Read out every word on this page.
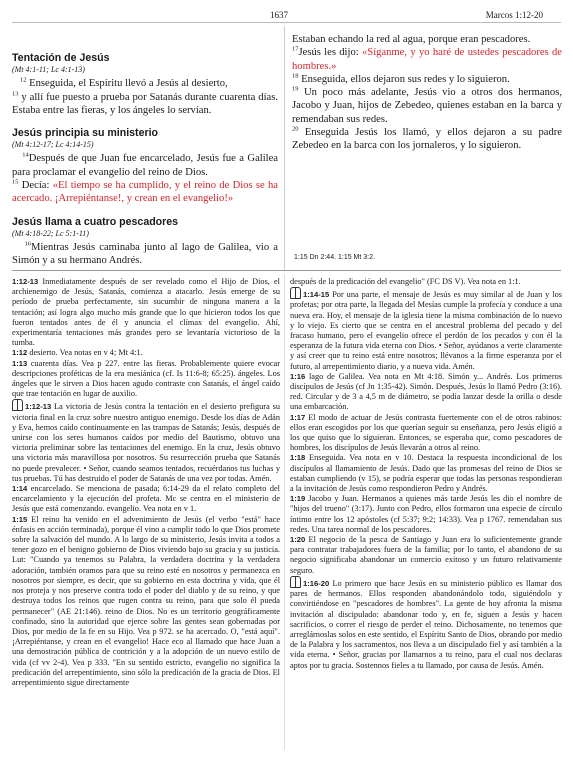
1637	Marcos 1:12-20

Tentación de Jesús

(Mt 4:1-11; Lc 4:1-13)

$^{12}$ Enseguida, el Espíritu llevó a Jesús al desierto,

$^{13}$ y allí fue puesto a prueba por Satanás durante cuarenta días. Estaba entre las fieras, y los ángeles lo servían.

Jesús principia su ministerio

(Mt 4:12-17; Lc 4:14-15)

$^{14}$Después de que Juan fue encarcelado, Jesús fue a Galilea para proclamar el evangelio del reino de Dios.

$^{15}$ Decía: «El tiempo se ha cumplido, y el reino de Dios se ha acercado. ¡Arrepiéntanse!, y crean en el evangelio!»

Jesús llama a cuatro pescadores

(Mt 4:18-22; Lc 5:1-11)

$^{16}$Mientras Jesús caminaba junto al lago de Galilea, vio a Simón y a su hermano Andrés.

Estaban echando la red al agua, porque eran pescadores.

$^{17}$Jesús les dijo: «Síganme, y yo haré de ustedes pescadores de hombres.»

$^{18}$ Enseguida, ellos dejaron sus redes y lo siguieron.

$^{19}$ Un poco más adelante, Jesús vio a otros dos hermanos, Jacobo y Juan, hijos de Zebedeo, quienes estaban en la barca y remendaban sus redes.

$^{20}$ Enseguida Jesús los llamó, y ellos dejaron a su padre Zebedeo en la barca con los jornaleros, y lo siguieron.

1:15 Dn 2:44. 1:15 Mt 3:2.

1:12-13 Inmediatamente después de ser revelado como el Hijo de Dios, el archienemigo de Jesús, Satanás, comienza a atacarlo. Jesús emerge de su período de prueba perfectamente, sin sucumbir de ninguna manera a la tentación; así logra algo mucho más grande que lo que hicieron todos los que fueron tentados antes de él y anuncia el clímax del evangelio. Ahí, experimentaría tentaciones más grandes pero se levantaría victorioso de la tumba.

1:12 desierto. Vea notas en v 4; Mt 4:1.

1:13 cuarenta días. Vea p 227. entre las fieras. Probablemente quiere evocar descripciones proféticas de la era mesiánica (cf. Is 11:6-8; 65:25). ángeles. Los ángeles que le sirven a Dios hacen agudo contraste con Satanás, el ángel caído que trae tentación en lugar de auxilio.

1:12-13 La victoria de Jesús contra la tentación en el desierto prefigura su victoria final en la cruz sobre nuestro antiguo enemigo. Desde los días de Adán y Eva, hemos caído continuamente en las trampas de Satanás; Jesús, después de unirse con los seres humanos caídos por medio del Bautismo, obtuvo una victoria preliminar sobre las tentaciones del enemigo. En la cruz, Jesús obtuvo una victoria más maravillosa por nosotros. Su resurrección prueba que Satanás no puede prevalecer. • Señor, cuando seamos tentados, recuérdanos tus luchas y tus pruebas. Tú has destruido el poder de Satanás de una vez por todas. Amén.

1:14 encarcelado. Se menciona de pasada; 6:14-29 da el relato completo del encarcelamiento y la ejecución del profeta. Mc se centra en el ministerio de Jesús que está comenzando. evangelio. Vea nota en v 1.

1:15 El reino ha venido en el advenimiento de Jesús (el verbo "está" hace énfasis en acción terminada), porque él vino a cumplir todo lo que Dios promete sobre la salvación del mundo. A lo largo de su ministerio, Jesús invita a todos a tener gozo en el benigno gobierno de Dios viviendo bajo su gracia y su justicia. Lut: "Cuando ya tenemos su Palabra, la verdadera doctrina y la verdadera adoración, también oramos para que su reino esté en nosotros y permanezca en nosotros por siempre, es decir, que su gobierno en esta doctrina y vida, que él nos proteja y nos preserve contra todo el poder del diablo y de su reino, y que destruya todos los reinos que rugen contra su reino, para que solo él pueda permanecer" (AE 21:146). reino de Dios. No es un territorio geográficamente confinado, sino la autoridad que ejerce sobre las gentes sean gobernadas por Dios, por medio de la fe en su Hijo. Vea p 972. se ha acercado. O, "está aquí". ¡Arrepiéntanse, y crean en el evangelio! Hace eco al llamado que hace Juan a una demostración pública de contrición y a la adopción de un nuevo estilo de vida (cf vv 2-4). Vea p 333. "En su sentido estricto, evangelio no significa la predicación del arrepentimiento, sino sólo la predicación de la gracia de Dios. El arrepentimiento sigue directamente

después de la predicación del evangelio" (FC DS V). Vea nota en 1:1.

1:14-15 Por una parte, el mensaje de Jesús es muy similar al de Juan y los profetas; por otra parte, la llegada del Mesías cumple la profecía y conduce a una nueva era. Hoy, el mensaje de la iglesia tiene la misma combinación de lo nuevo y lo viejo. Es cierto que se centra en el ancestral problema del pecado y del fracaso humano, pero el evangelio ofrece el perdón de los pecados y con él la esperanza de la futura vida eterna con Dios. • Señor, ayúdanos a verte claramente y así creer que tu reino está entre nosotros; llévanos a la firme esperanza por el futuro, al arrepentimiento diario, y a nueva vida. Amén.

1:16 lago de Galilea. Vea nota en Mt 4:18. Simón y... Andrés. Los primeros discípulos de Jesús (cf Jn 1:35-42). Simón. Después, Jesús lo llamó Pedro (3:16). red. Circular y de 3 a 4,5 m de diámetro, se podía lanzar desde la orilla o desde una embarcación.

1:17 El modo de actuar de Jesús contrasta fuertemente con el de otros rabinos: ellos eran escogidos por los que querían seguir su enseñanza, pero Jesús eligió a los que quiso que lo siguieran. Entonces, se esperaba que, como pescadores de hombres, los discípulos de Jesús llevarán a otros al reino.

1:18 Enseguida. Vea nota en v 10. Destaca la respuesta incondicional de los discípulos al llamamiento de Jesús. Dado que las promesas del reino de Dios se estaban cumpliendo (v 15), se podría esperar que todas las personas respondieran a la invitación de Jesús como respondieron Pedro y Andrés.

1:19 Jacobo y Juan. Hermanos a quienes más tarde Jesús les dio el nombre de "hijos del trueno" (3:17). Junto con Pedro, ellos formaron una especie de círculo íntimo entre los 12 apóstoles (cf 5:37; 9:2; 14:33). Vea p 1767. remendaban sus redes. Una tarea normal de los pescadores.

1:20 El negocio de la pesca de Santiago y Juan era lo suficientemente grande para contratar trabajadores fuera de la familia; por lo tanto, el abandono de su negocio significaba abandonar un comercio exitoso y un futuro relativamente seguro.

1:16-20 Lo primero que hace Jesús en su ministerio público es llamar dos pares de hermanos. Ellos responden abandonándolo todo, siguiéndolo y convirtiéndose en "pescadores de hombres". La gente de hoy afronta la misma invitación al discipulado: abandonar todo y, en fe, siguen a Jesús y hacen sacrificios, o correr el riesgo de perder el reino. Dichosamente, no tenemos que arreglárnoslas solos en este sentido, el Espíritu Santo de Dios, obrando por medio de la Palabra y los sacramentos, nos lleva a un discipulado fiel y así también a la vida eterna. • Señor, gracias por llamarnos a tu reino, para el cual nos declaras aptos por tu gracia. Sostennos fieles a tu llamado, por causa de Jesús. Amén.
